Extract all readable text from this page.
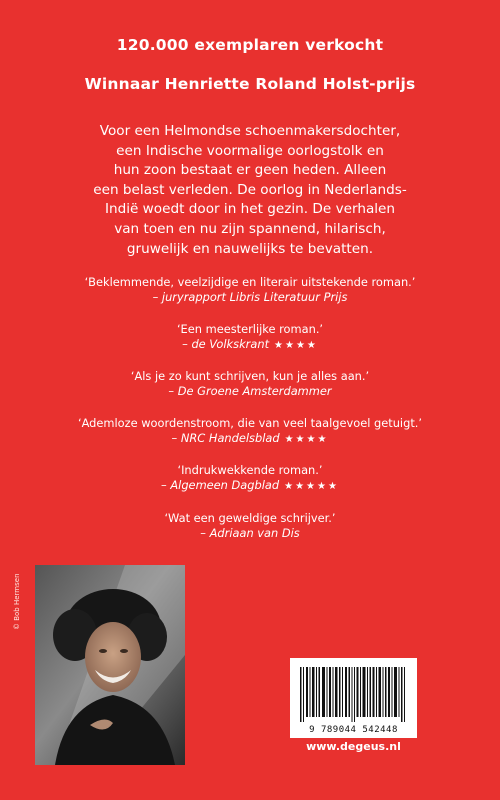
120.000 exemplaren verkocht
Winnaar Henriette Roland Holst-prijs
Voor een Helmondse schoenmakersdochter,
een Indische voormalige oorlogstolk en
hun zoon bestaat er geen heden. Alleen
een belast verleden. De oorlog in Nederlands-
Indië woedt door in het gezin. De verhalen
van toen en nu zijn spannend, hilarisch,
gruwelijk en nauwelijks te bevatten.
‘Beklemmende, veelzijdige en literair uitstekende roman.’
– juryrapport Libris Literatuur Prijs
‘Een meesterlijke roman.’
– de Volkskrant ★★★★
‘Als je zo kunt schrijven, kun je alles aan.’
– De Groene Amsterdammer
‘Ademloze woordenstroom, die van veel taalgevoel getuigt.’
– NRC Handelsblad ★★★★
‘Indrukwekkende roman.’
– Algemeen Dagblad ★★★★★
‘Wat een geweldige schrijver.’
– Adriaan van Dis
© Bob Hermsen
9 789044 542448
www.degeus.nl
